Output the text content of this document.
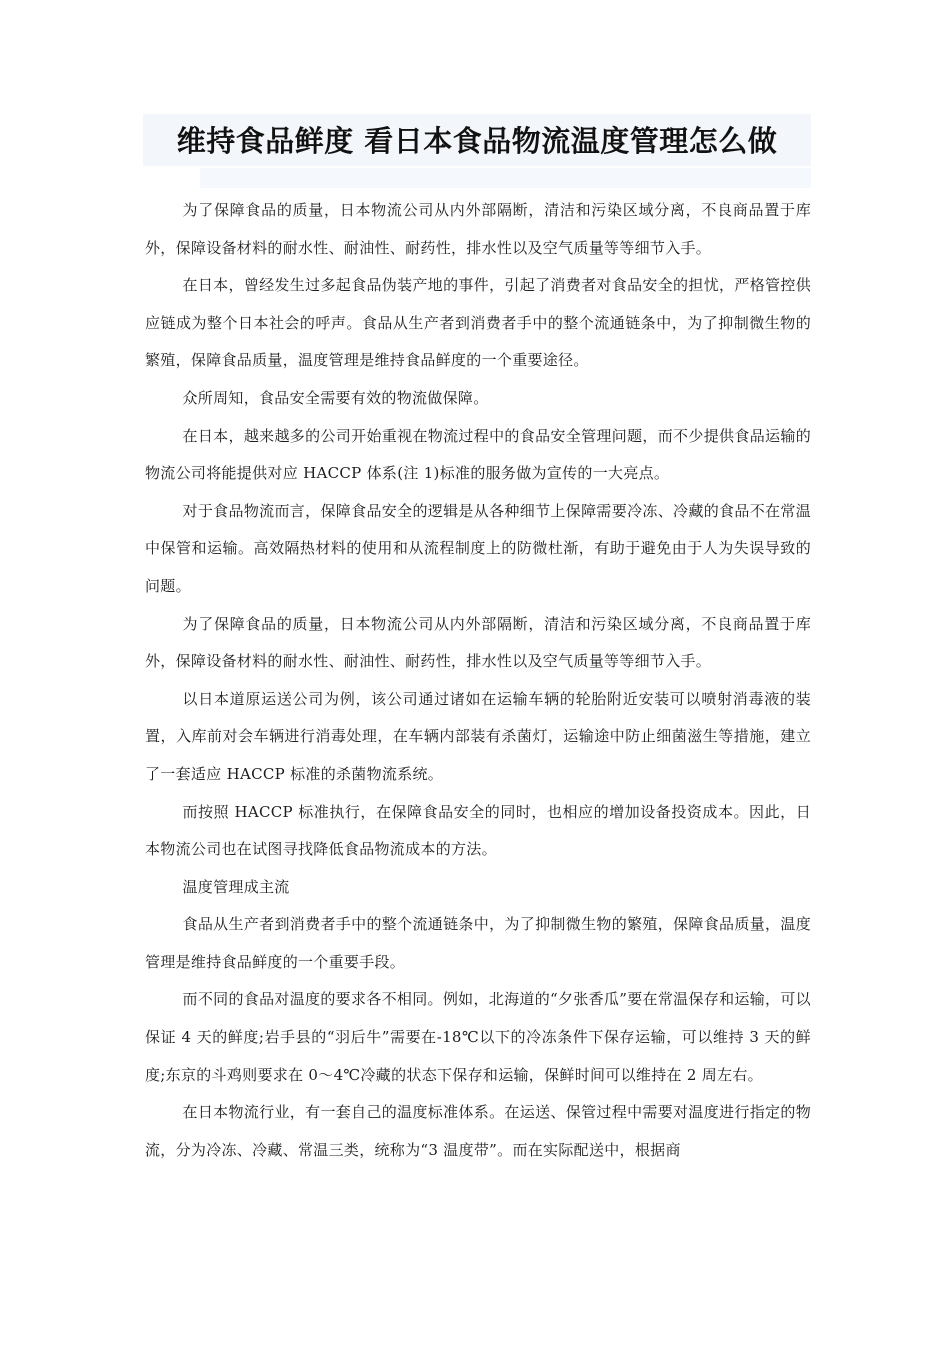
维持食品鲜度 看日本食品物流温度管理怎么做

为了保障食品的质量，日本物流公司从内外部隔断，清洁和污染区域分离，不良商品置于库外，保障设备材料的耐水性、耐油性、耐药性，排水性以及空气质量等等细节入手。

在日本，曾经发生过多起食品伪装产地的事件，引起了消费者对食品安全的担忧，严格管控供应链成为整个日本社会的呼声。食品从生产者到消费者手中的整个流通链条中，为了抑制微生物的繁殖，保障食品质量，温度管理是维持食品鲜度的一个重要途径。

众所周知，食品安全需要有效的物流做保障。

在日本，越来越多的公司开始重视在物流过程中的食品安全管理问题，而不少提供食品运输的物流公司将能提供对应 HACCP 体系(注 1)标准的服务做为宣传的一大亮点。

对于食品物流而言，保障食品安全的逻辑是从各种细节上保障需要冷冻、冷藏的食品不在常温中保管和运输。高效隔热材料的使用和从流程制度上的防微杜渐，有助于避免由于人为失误导致的问题。

为了保障食品的质量，日本物流公司从内外部隔断，清洁和污染区域分离，不良商品置于库外，保障设备材料的耐水性、耐油性、耐药性，排水性以及空气质量等等细节入手。

以日本道原运送公司为例，该公司通过诸如在运输车辆的轮胎附近安装可以喷射消毒液的装置，入库前对会车辆进行消毒处理，在车辆内部装有杀菌灯，运输途中防止细菌滋生等措施，建立了一套适应 HACCP 标准的杀菌物流系统。

而按照 HACCP 标准执行，在保障食品安全的同时，也相应的增加设备投资成本。因此，日本物流公司也在试图寻找降低食品物流成本的方法。

温度管理成主流

食品从生产者到消费者手中的整个流通链条中，为了抑制微生物的繁殖，保障食品质量，温度管理是维持食品鲜度的一个重要手段。

而不同的食品对温度的要求各不相同。例如，北海道的“夕张香瓜”要在常温保存和运输，可以保证 4 天的鲜度;岩手县的“羽后牛”需要在-18℃以下的冷冻条件下保存运输，可以维持 3 天的鲜度;东京的斗鸡则要求在 0～4℃冷藏的状态下保存和运输，保鲜时间可以维持在 2 周左右。

在日本物流行业，有一套自己的温度标准体系。在运送、保管过程中需要对温度进行指定的物流，分为冷冻、冷藏、常温三类，统称为“3 温度带”。而在实际配送中，根据商
